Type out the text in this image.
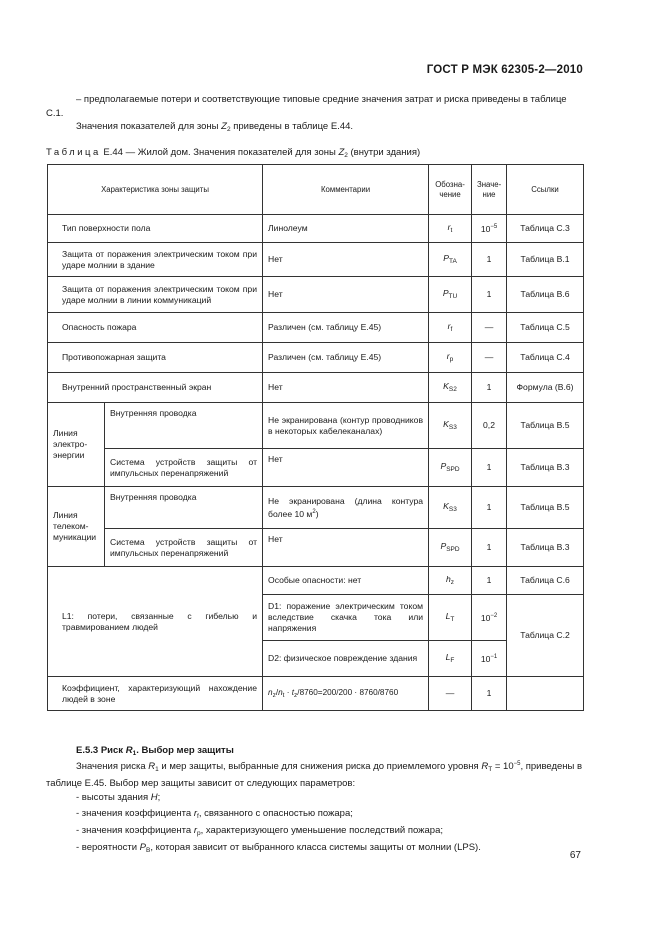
ГОСТ Р МЭК 62305-2—2010
– предполагаемые потери и соответствующие типовые средние значения затрат и риска приведены в таблице С.1.
Значения показателей для зоны $Z_2$ приведены в таблице Е.44.
Таблица Е.44 — Жилой дом. Значения показателей для зоны $Z_2$ (внутри здания)
Характеристика зоны защиты		Комментарии	Обозна-чение	Значе-ние	Ссылки
Тип поверхности пола		Линолеум	$r_t$	$10^{-5}$	Таблица С.3
Защита от поражения электрическим током при ударе молнии в здание		Нет	$P_{TA}$	1	Таблица В.1
Защита от поражения электрическим током при ударе молнии в линии коммуникаций		Нет	$P_{TU}$	1	Таблица В.6
Опасность пожара		Различен (см. таблицу Е.45)	$r_f$	—	Таблица С.5
Противопожарная защита		Различен (см. таблицу Е.45)	$r_p$	—	Таблица С.4
Внутренний пространственный экран		Нет	$K_{S2}$	1	Формула (В.6)
Линия электро-энергии	Внутренняя проводка	Не экранирована (контур проводников в некоторых кабелеканалах)	$K_{S3}$	0,2	Таблица В.5
	Система устройств защиты от импульсных перенапряжений	Нет	$P_{SPD}$	1	Таблица В.3
Линия телеком-муникации	Внутренняя проводка	Не экранирована (длина контура более 10 $м^2$)	$K_{S3}$	1	Таблица В.5
	Система устройств защиты от импульсных перенапряжений	Нет	$P_{SPD}$	1	Таблица В.3
L1: потери, связанные с гибелью и травмированием людей		Особые опасности: нет	$h_z$	1	Таблица С.6
		D1: поражение электрическим током вследствие скачка тока или напряжения	$L_T$	$10^{-2}$	Таблица С.2
		D2: физическое повреждение здания	$L_F$	$10^{-1}$
Коэффициент, характеризующий нахождение людей в зоне		$n_z/n_t \cdot t_z/8760=200/200 \cdot 8760/8760$	—	1	
Е.5.3 Риск $R_1$. Выбор мер защиты
Значения риска $R_1$ и мер защиты, выбранные для снижения риска до приемлемого уровня $R_T = 10^{-5}$, приведены в таблице Е.45. Выбор мер защиты зависит от следующих параметров:
- высоты здания H;
- значения коэффициента $r_f$, связанного с опасностью пожара;
- значения коэффициента $r_p$, характеризующего уменьшение последствий пожара;
- вероятности $P_B$, которая зависит от выбранного класса системы защиты от молнии (LPS).
67
